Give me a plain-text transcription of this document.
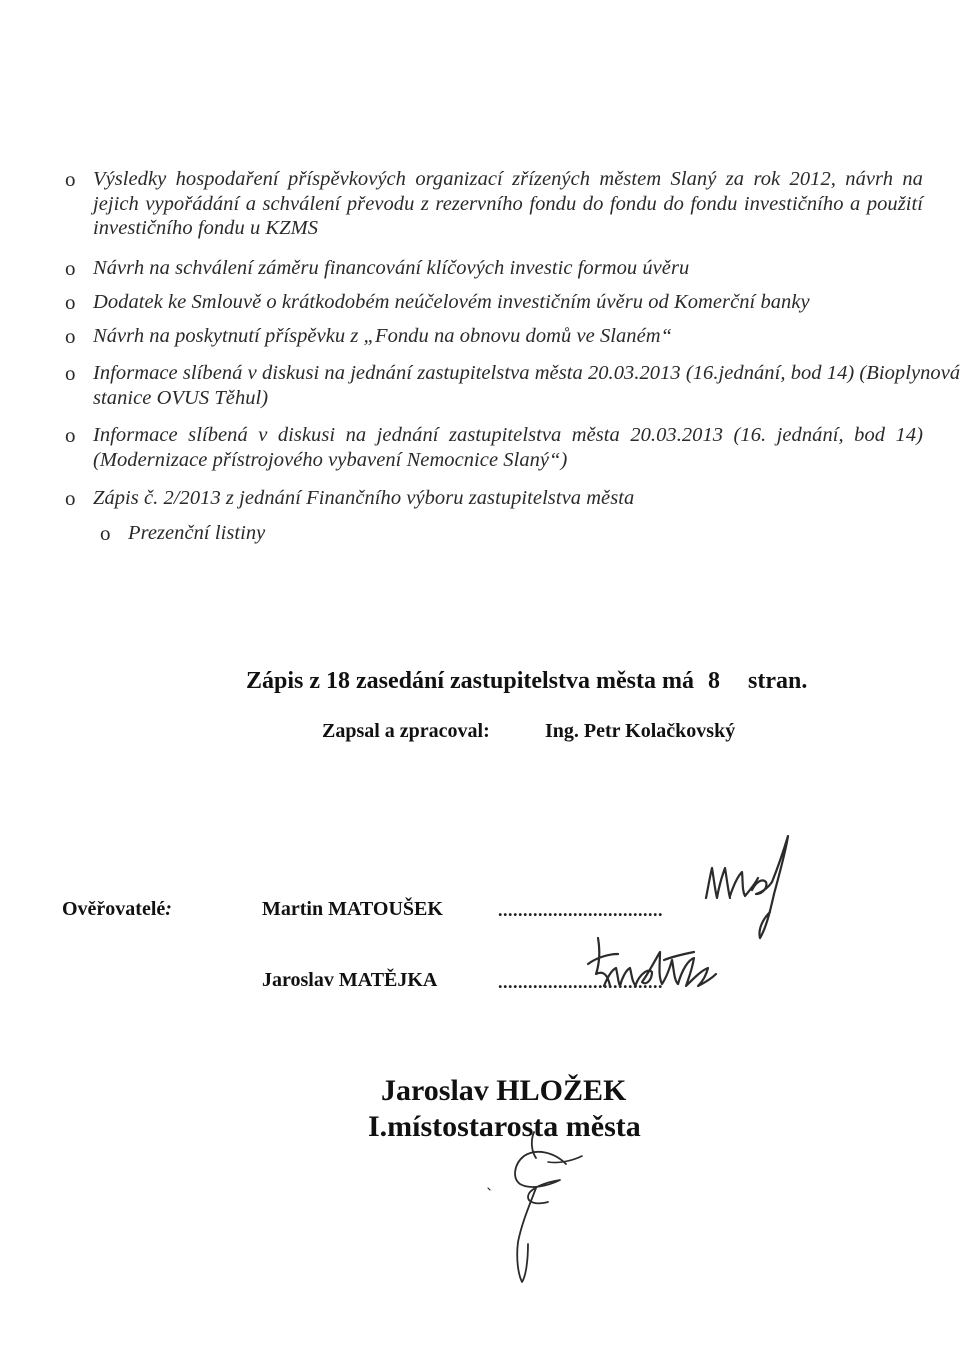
o Výsledky hospodaření příspěvkových organizací zřízených městem Slaný za rok 2012, návrh na jejich vypořádání a schválení převodu z rezervního fondu do fondu do fondu investičního a použití investičního fondu u KZMS
o Návrh na schválení záměru financování klíčových investic formou úvěru
o Dodatek ke Smlouvě o krátkodobém neúčelovém investičním úvěru od Komerční banky
o Návrh na poskytnutí příspěvku z „Fondu na obnovu domů ve Slaném“
o Informace slíbená v diskusi na jednání zastupitelstva města 20.03.2013 (16.jednání, bod 14) (Bioplynová stanice OVUS Těhul)
o Informace slíbená v diskusi na jednání zastupitelstva města 20.03.2013 (16. jednání, bod 14)(Modernizace přístrojového vybavení Nemocnice Slaný“)
o Zápis č. 2/2013 z jednání Finančního výboru zastupitelstva města
o Prezenční listiny
Zápis z 18 zasedání zastupitelstva města má 8 stran.
Zapsal a zpracoval:	Ing. Petr Kolačkovský
Ověřovatelé:	Martin MATOUŠEK	.................................
Jaroslav MATĚJKA	.................................
Jaroslav HLOŽEK
I.místostarosta města
